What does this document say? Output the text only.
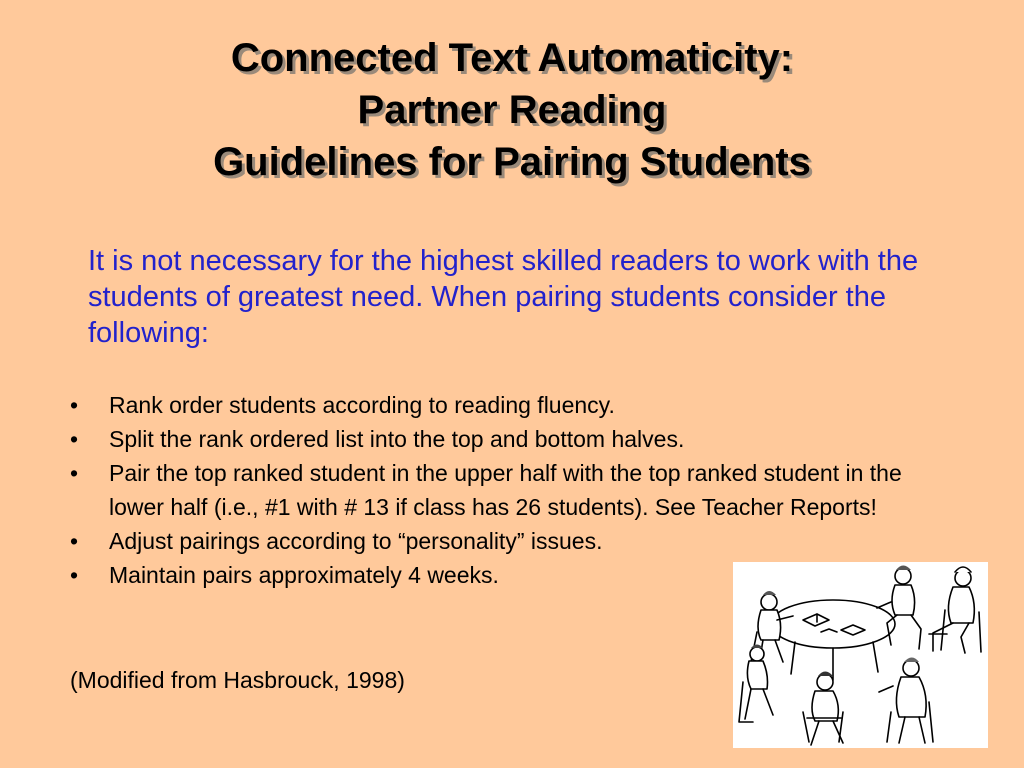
Connected Text Automaticity:
Partner Reading
Guidelines for Pairing Students
It is not necessary for the highest skilled readers to work with the students of greatest need. When pairing students consider the following:
• Rank order students according to reading fluency.
• Split the rank ordered list into the top and bottom halves.
• Pair the top ranked student in the upper half with the top ranked student in the lower half (i.e., #1 with # 13 if class has 26 students). See Teacher Reports!
• Adjust pairings according to “personality” issues.
• Maintain pairs approximately 4 weeks.
(Modified from Hasbrouck, 1998)
